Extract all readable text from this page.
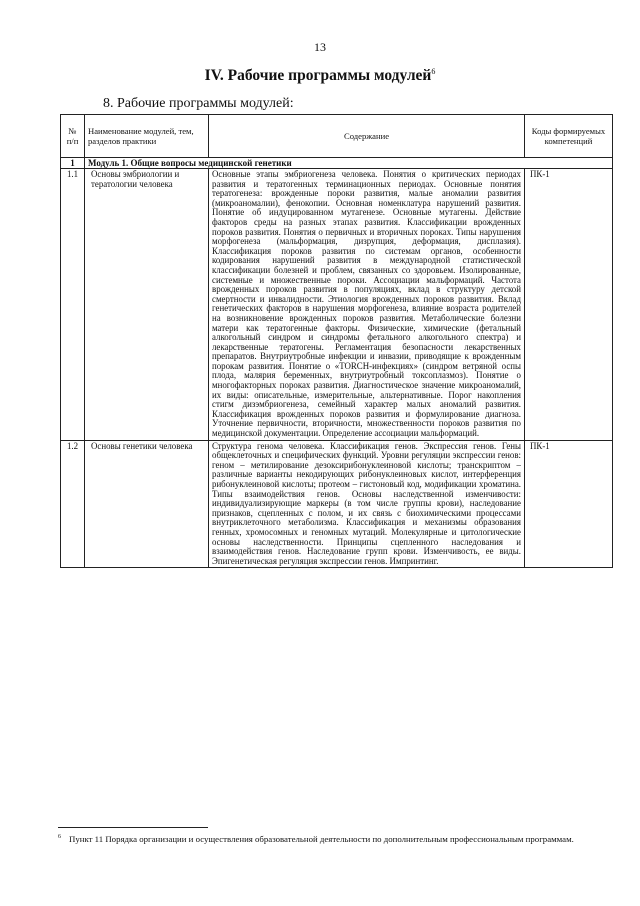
13
IV. Рабочие программы модулей$^6$
8. Рабочие программы модулей:
№ п/п	Наименование модулей, тем, разделов практики	Содержание	Коды формируемых компетенций
1	Модуль 1. Общие вопросы медицинской генетики		
1.1	Основы эмбриологии и тератологии человека	Основные этапы эмбриогенеза человека. Понятия о критических периодах развития и тератогенных терминационных периодах. Основные понятия тератогенеза: врожденные пороки развития, малые аномалии развития (микроаномалии), фенокопии. Основная номенклатура нарушений развития. Понятие об индуцированном мутагенезе. Основные мутагены. Действие факторов среды на разных этапах развития. Классификации врожденных пороков развития. Понятия о первичных и вторичных пороках. Типы нарушения морфогенеза (мальформация, дизрупция, деформация, дисплазия). Классификация пороков развития по системам органов, особенности кодирования нарушений развития в международной статистической классификации болезней и проблем, связанных со здоровьем. Изолированные, системные и множественные пороки. Ассоциации мальформаций. Частота врожденных пороков развития в популяциях, вклад в структуру детской смертности и инвалидности. Этиология врожденных пороков развития. Вклад генетических факторов в нарушения морфогенеза, влияние возраста родителей на возникновение врожденных пороков развития. Метаболические болезни матери как тератогенные факторы. Физические, химические (фетальный алкогольный синдром и синдромы фетального алкогольного спектра) и лекарственные тератогены. Регламентация безопасности лекарственных препаратов. Внутриутробные инфекции и инвазии, приводящие к врожденным порокам развития. Понятие о «TORCH-инфекциях» (синдром ветряной оспы плода, малярия беременных, внутриутробный токсоплазмоз). Понятие о многофакторных пороках развития. Диагностическое значение микроаномалий, их виды: описательные, измерительные, альтернативные. Порог накопления стигм дизэмбриогенеза, семейный характер малых аномалий развития. Классификация врожденных пороков развития и формулирование диагноза. Уточнение первичности, вторичности, множественности пороков развития по медицинской документации. Определение ассоциации мальформаций.	ПК-1
1.2	Основы генетики человека	Структура генома человека. Классификация генов. Экспрессия генов. Гены общеклеточных и специфических функций. Уровни регуляции экспрессии генов: геном – метилирование дезоксирибонуклеиновой кислоты; транскриптом – различные варианты некодирующих рибонуклеиновых кислот, интерференция рибонуклеиновой кислоты; протеом – гистоновый код, модификации хроматина. Типы взаимодействия генов. Основы наследственной изменчивости: индивидуализирующие маркеры (в том числе группы крови), наследование признаков, сцепленных с полом, и их связь с биохимическими процессами внутриклеточного метаболизма. Классификация и механизмы образования генных, хромосомных и геномных мутаций. Молекулярные и цитологические основы наследственности. Принципы сцепленного наследования и взаимодействия генов. Наследование групп крови. Изменчивость, ее виды. Эпигенетическая регуляция экспрессии генов. Импринтинг.	ПК-1
$^6$ Пункт 11 Порядка организации и осуществления образовательной деятельности по дополнительным профессиональным программам.
